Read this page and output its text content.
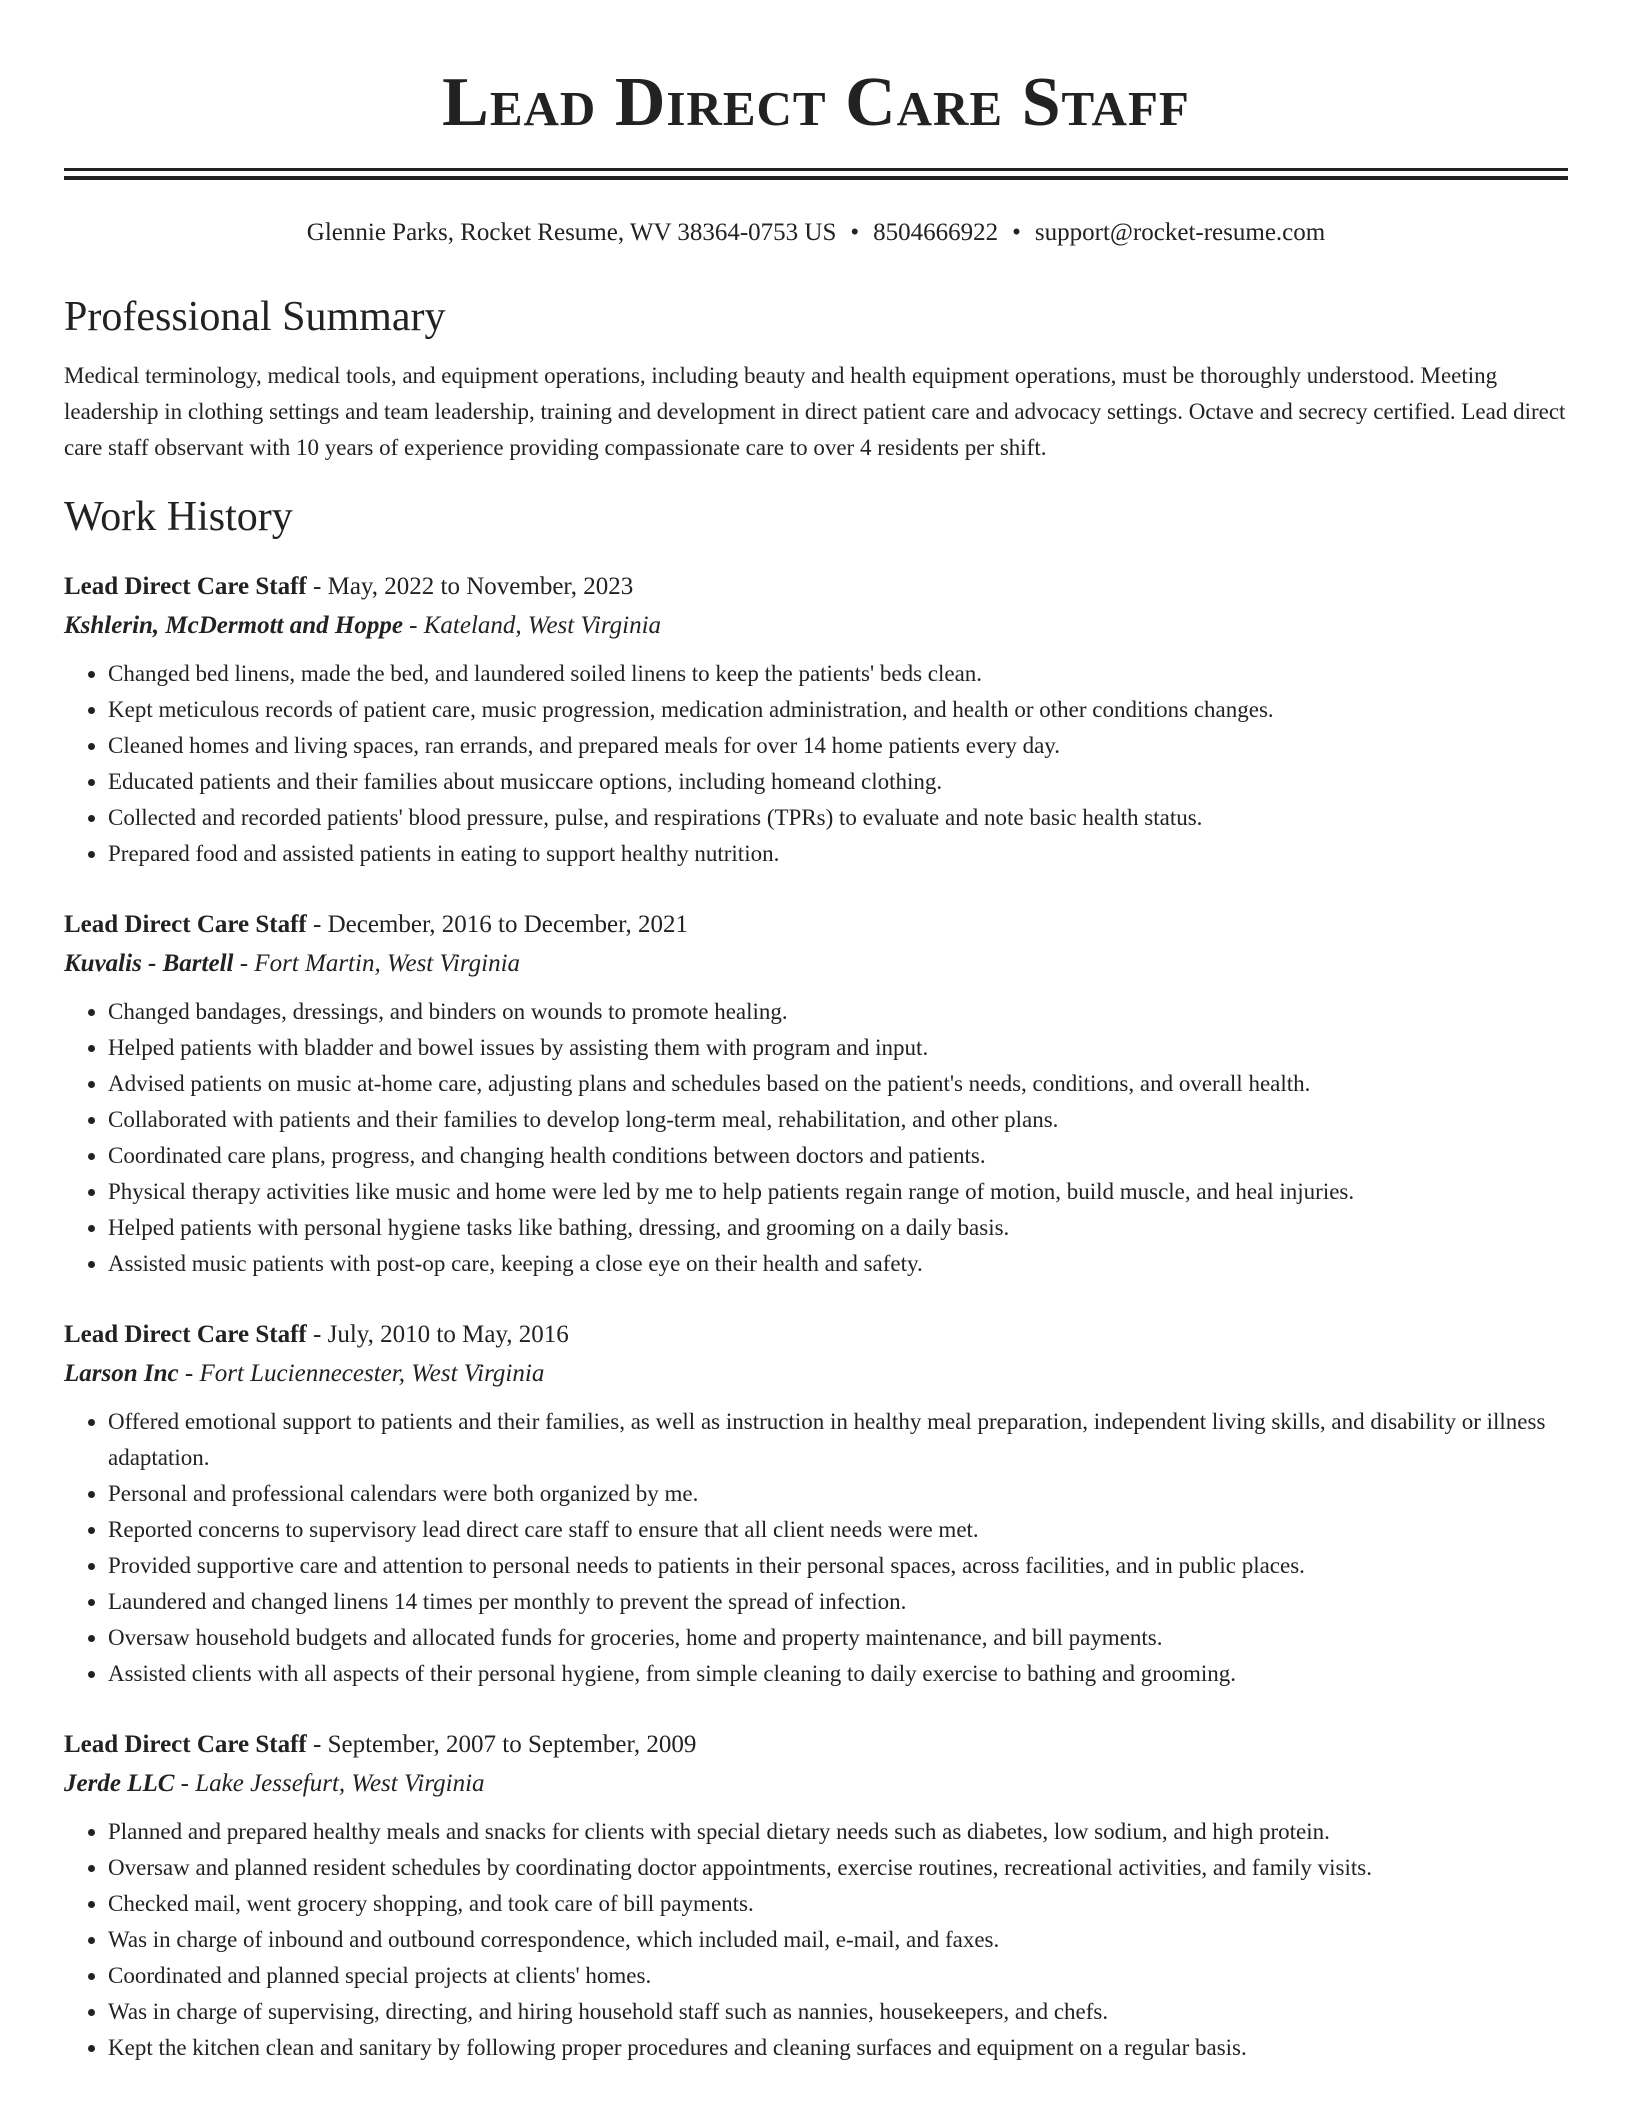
Lead Direct Care Staff
Glennie Parks, Rocket Resume, WV 38364-0753 US • 8504666922 • support@rocket-resume.com
Professional Summary

Medical terminology, medical tools, and equipment operations, including beauty and health equipment operations, must be thoroughly understood. Meeting leadership in clothing settings and team leadership, training and development in direct patient care and advocacy settings. Octave and secrecy certified. Lead direct care staff observant with 10 years of experience providing compassionate care to over 4 residents per shift.

Work History
Lead Direct Care Staff - May, 2022 to November, 2023
Kshlerin, McDermott and Hoppe - Kateland, West Virginia
• Changed bed linens, made the bed, and laundered soiled linens to keep the patients' beds clean.
• Kept meticulous records of patient care, music progression, medication administration, and health or other conditions changes.
• Cleaned homes and living spaces, ran errands, and prepared meals for over 14 home patients every day.
• Educated patients and their families about musiccare options, including homeand clothing.
• Collected and recorded patients' blood pressure, pulse, and respirations (TPRs) to evaluate and note basic health status.
• Prepared food and assisted patients in eating to support healthy nutrition.
Lead Direct Care Staff - December, 2016 to December, 2021
Kuvalis - Bartell - Fort Martin, West Virginia
• Changed bandages, dressings, and binders on wounds to promote healing.
• Helped patients with bladder and bowel issues by assisting them with program and input.
• Advised patients on music at-home care, adjusting plans and schedules based on the patient's needs, conditions, and overall health.
• Collaborated with patients and their families to develop long-term meal, rehabilitation, and other plans.
• Coordinated care plans, progress, and changing health conditions between doctors and patients.
• Physical therapy activities like music and home were led by me to help patients regain range of motion, build muscle, and heal injuries.
• Helped patients with personal hygiene tasks like bathing, dressing, and grooming on a daily basis.
• Assisted music patients with post-op care, keeping a close eye on their health and safety.
Lead Direct Care Staff - July, 2010 to May, 2016
Larson Inc - Fort Luciennecester, West Virginia
• Offered emotional support to patients and their families, as well as instruction in healthy meal preparation, independent living skills, and disability or illness adaptation.
• Personal and professional calendars were both organized by me.
• Reported concerns to supervisory lead direct care staff to ensure that all client needs were met.
• Provided supportive care and attention to personal needs to patients in their personal spaces, across facilities, and in public places.
• Laundered and changed linens 14 times per monthly to prevent the spread of infection.
• Oversaw household budgets and allocated funds for groceries, home and property maintenance, and bill payments.
• Assisted clients with all aspects of their personal hygiene, from simple cleaning to daily exercise to bathing and grooming.
Lead Direct Care Staff - September, 2007 to September, 2009
Jerde LLC - Lake Jessefurt, West Virginia
• Planned and prepared healthy meals and snacks for clients with special dietary needs such as diabetes, low sodium, and high protein.
• Oversaw and planned resident schedules by coordinating doctor appointments, exercise routines, recreational activities, and family visits.
• Checked mail, went grocery shopping, and took care of bill payments.
• Was in charge of inbound and outbound correspondence, which included mail, e-mail, and faxes.
• Coordinated and planned special projects at clients' homes.
• Was in charge of supervising, directing, and hiring household staff such as nannies, housekeepers, and chefs.
• Kept the kitchen clean and sanitary by following proper procedures and cleaning surfaces and equipment on a regular basis.
